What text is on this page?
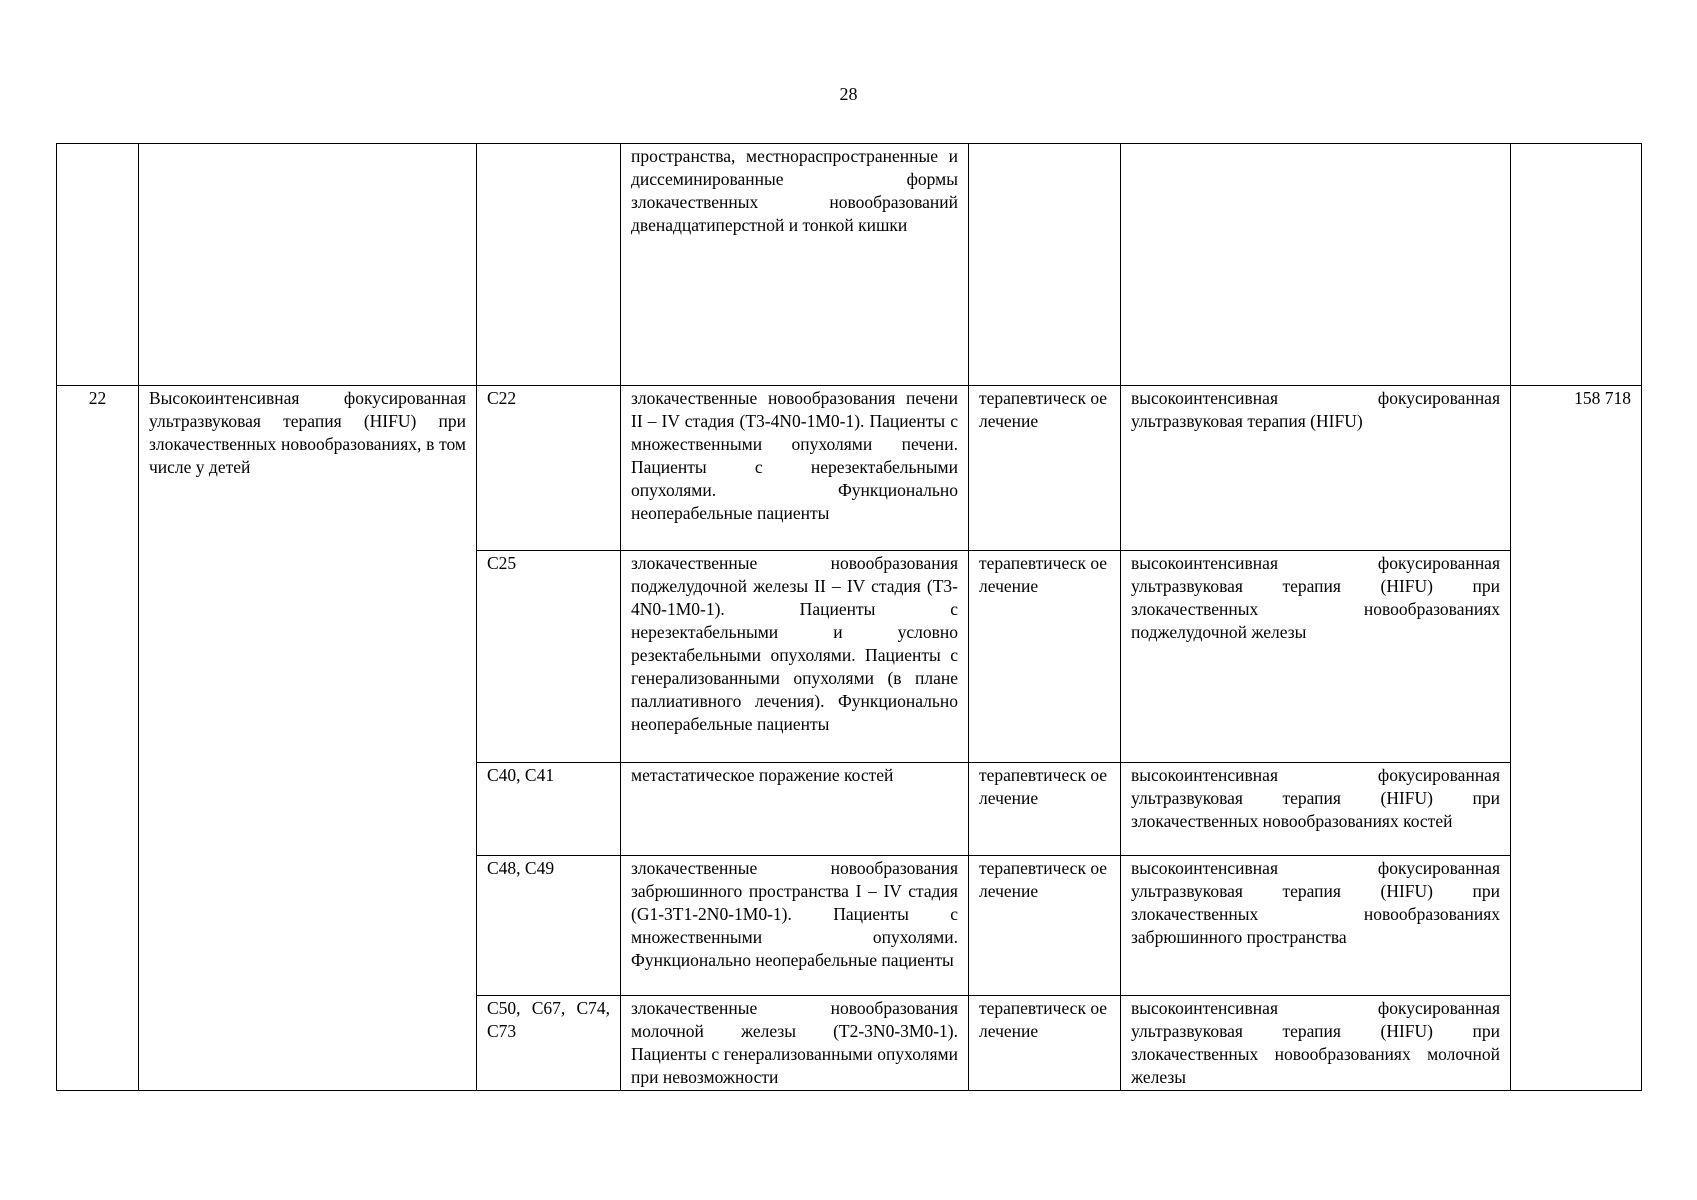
28
			пространства, местнораспространенные и диссеминированные формы злокачественных новообразований двенадцатиперстной и тонкой кишки			
22	Высокоинтенсивная фокусированная ультразвуковая терапия (HIFU) при злокачественных новообразованиях, в том числе у детей	C22	злокачественные новообразования печени II – IV стадия (T3-4N0-1M0-1). Пациенты с множественными опухолями печени. Пациенты с нерезектабельными опухолями. Функционально неоперабельные пациенты	терапевтическ ое лечение	высокоинтенсивная фокусированная ультразвуковая терапия (HIFU)	158 718
		C25	злокачественные новообразования поджелудочной железы II – IV стадия (T3-4N0-1M0-1). Пациенты с нерезектабельными и условно резектабельными опухолями. Пациенты с генерализованными опухолями (в плане паллиативного лечения). Функционально неоперабельные пациенты	терапевтическ ое лечение	высокоинтенсивная фокусированная ультразвуковая терапия (HIFU) при злокачественных новообразованиях поджелудочной железы	
		C40, C41	метастатическое поражение костей	терапевтическ ое лечение	высокоинтенсивная фокусированная ультразвуковая терапия (HIFU) при злокачественных новообразованиях костей	
		C48, C49	злокачественные новообразования забрюшинного пространства I – IV стадия (G1-3T1-2N0-1M0-1). Пациенты с множественными опухолями. Функционально неоперабельные пациенты	терапевтическ ое лечение	высокоинтенсивная фокусированная ультразвуковая терапия (HIFU) при злокачественных новообразованиях забрюшинного пространства	
		C50, C67, C74, C73	злокачественные новообразования молочной железы (T2-3N0-3M0-1). Пациенты с генерализованными опухолями при невозможности	терапевтическ ое лечение	высокоинтенсивная фокусированная ультразвуковая терапия (HIFU) при злокачественных новообразованиях молочной железы	
